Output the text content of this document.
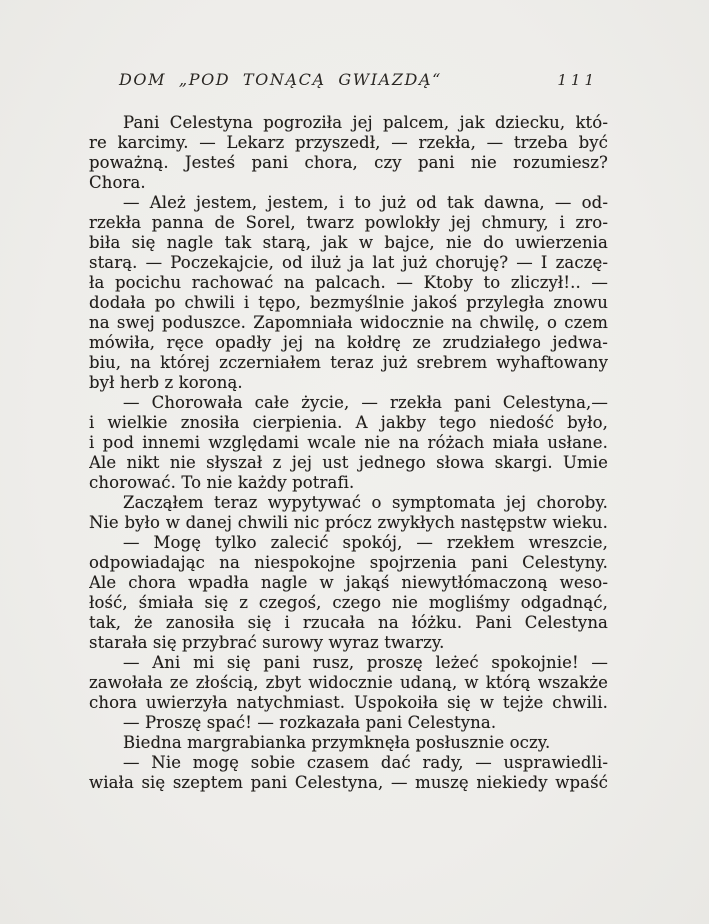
DOM „POD TONĄCĄ GWIAZDĄ“	111
Pani Celestyna pogroziła jej palcem, jak dziecku, któ-
re karcimy. — Lekarz przyszedł, — rzekła, — trzeba być
poważną. Jesteś pani chora, czy pani nie rozumiesz?
Chora.
— Ależ jestem, jestem, i to już od tak dawna, — od-
rzekła panna de Sorel, twarz powlokły jej chmury, i zro-
biła się nagle tak starą, jak w bajce, nie do uwierzenia
starą. — Poczekajcie, od iluż ja lat już choruję? — I zaczę-
ła pocichu rachować na palcach. — Ktoby to zliczył!.. —
dodała po chwili i tępo, bezmyślnie jakoś przyległa znowu
na swej poduszce. Zapomniała widocznie na chwilę, o czem
mówiła, ręce opadły jej na kołdrę ze zrudziałego jedwa-
biu, na której zczerniałem teraz już srebrem wyhaftowany
był herb z koroną.
— Chorowała całe życie, — rzekła pani Celestyna,—
i wielkie znosiła cierpienia. A jakby tego niedość było,
i pod innemi względami wcale nie na różach miała usłane.
Ale nikt nie słyszał z jej ust jednego słowa skargi. Umie
chorować. To nie każdy potrafi.
Zacząłem teraz wypytywać o symptomata jej choroby.
Nie było w danej chwili nic prócz zwykłych następstw wieku.
— Mogę tylko zalecić spokój, — rzekłem wreszcie,
odpowiadając na niespokojne spojrzenia pani Celestyny.
Ale chora wpadła nagle w jakąś niewytłómaczoną weso-
łość, śmiała się z czegoś, czego nie mogliśmy odgadnąć,
tak, że zanosiła się i rzucała na łóżku. Pani Celestyna
starała się przybrać surowy wyraz twarzy.
— Ani mi się pani rusz, proszę leżeć spokojnie! —
zawołała ze złością, zbyt widocznie udaną, w którą wszakże
chora uwierzyła natychmiast. Uspokoiła się w tejże chwili.
— Proszę spać! — rozkazała pani Celestyna.
Biedna margrabianka przymknęła posłusznie oczy.
— Nie mogę sobie czasem dać rady, — usprawiedli-
wiała się szeptem pani Celestyna, — muszę niekiedy wpaść
